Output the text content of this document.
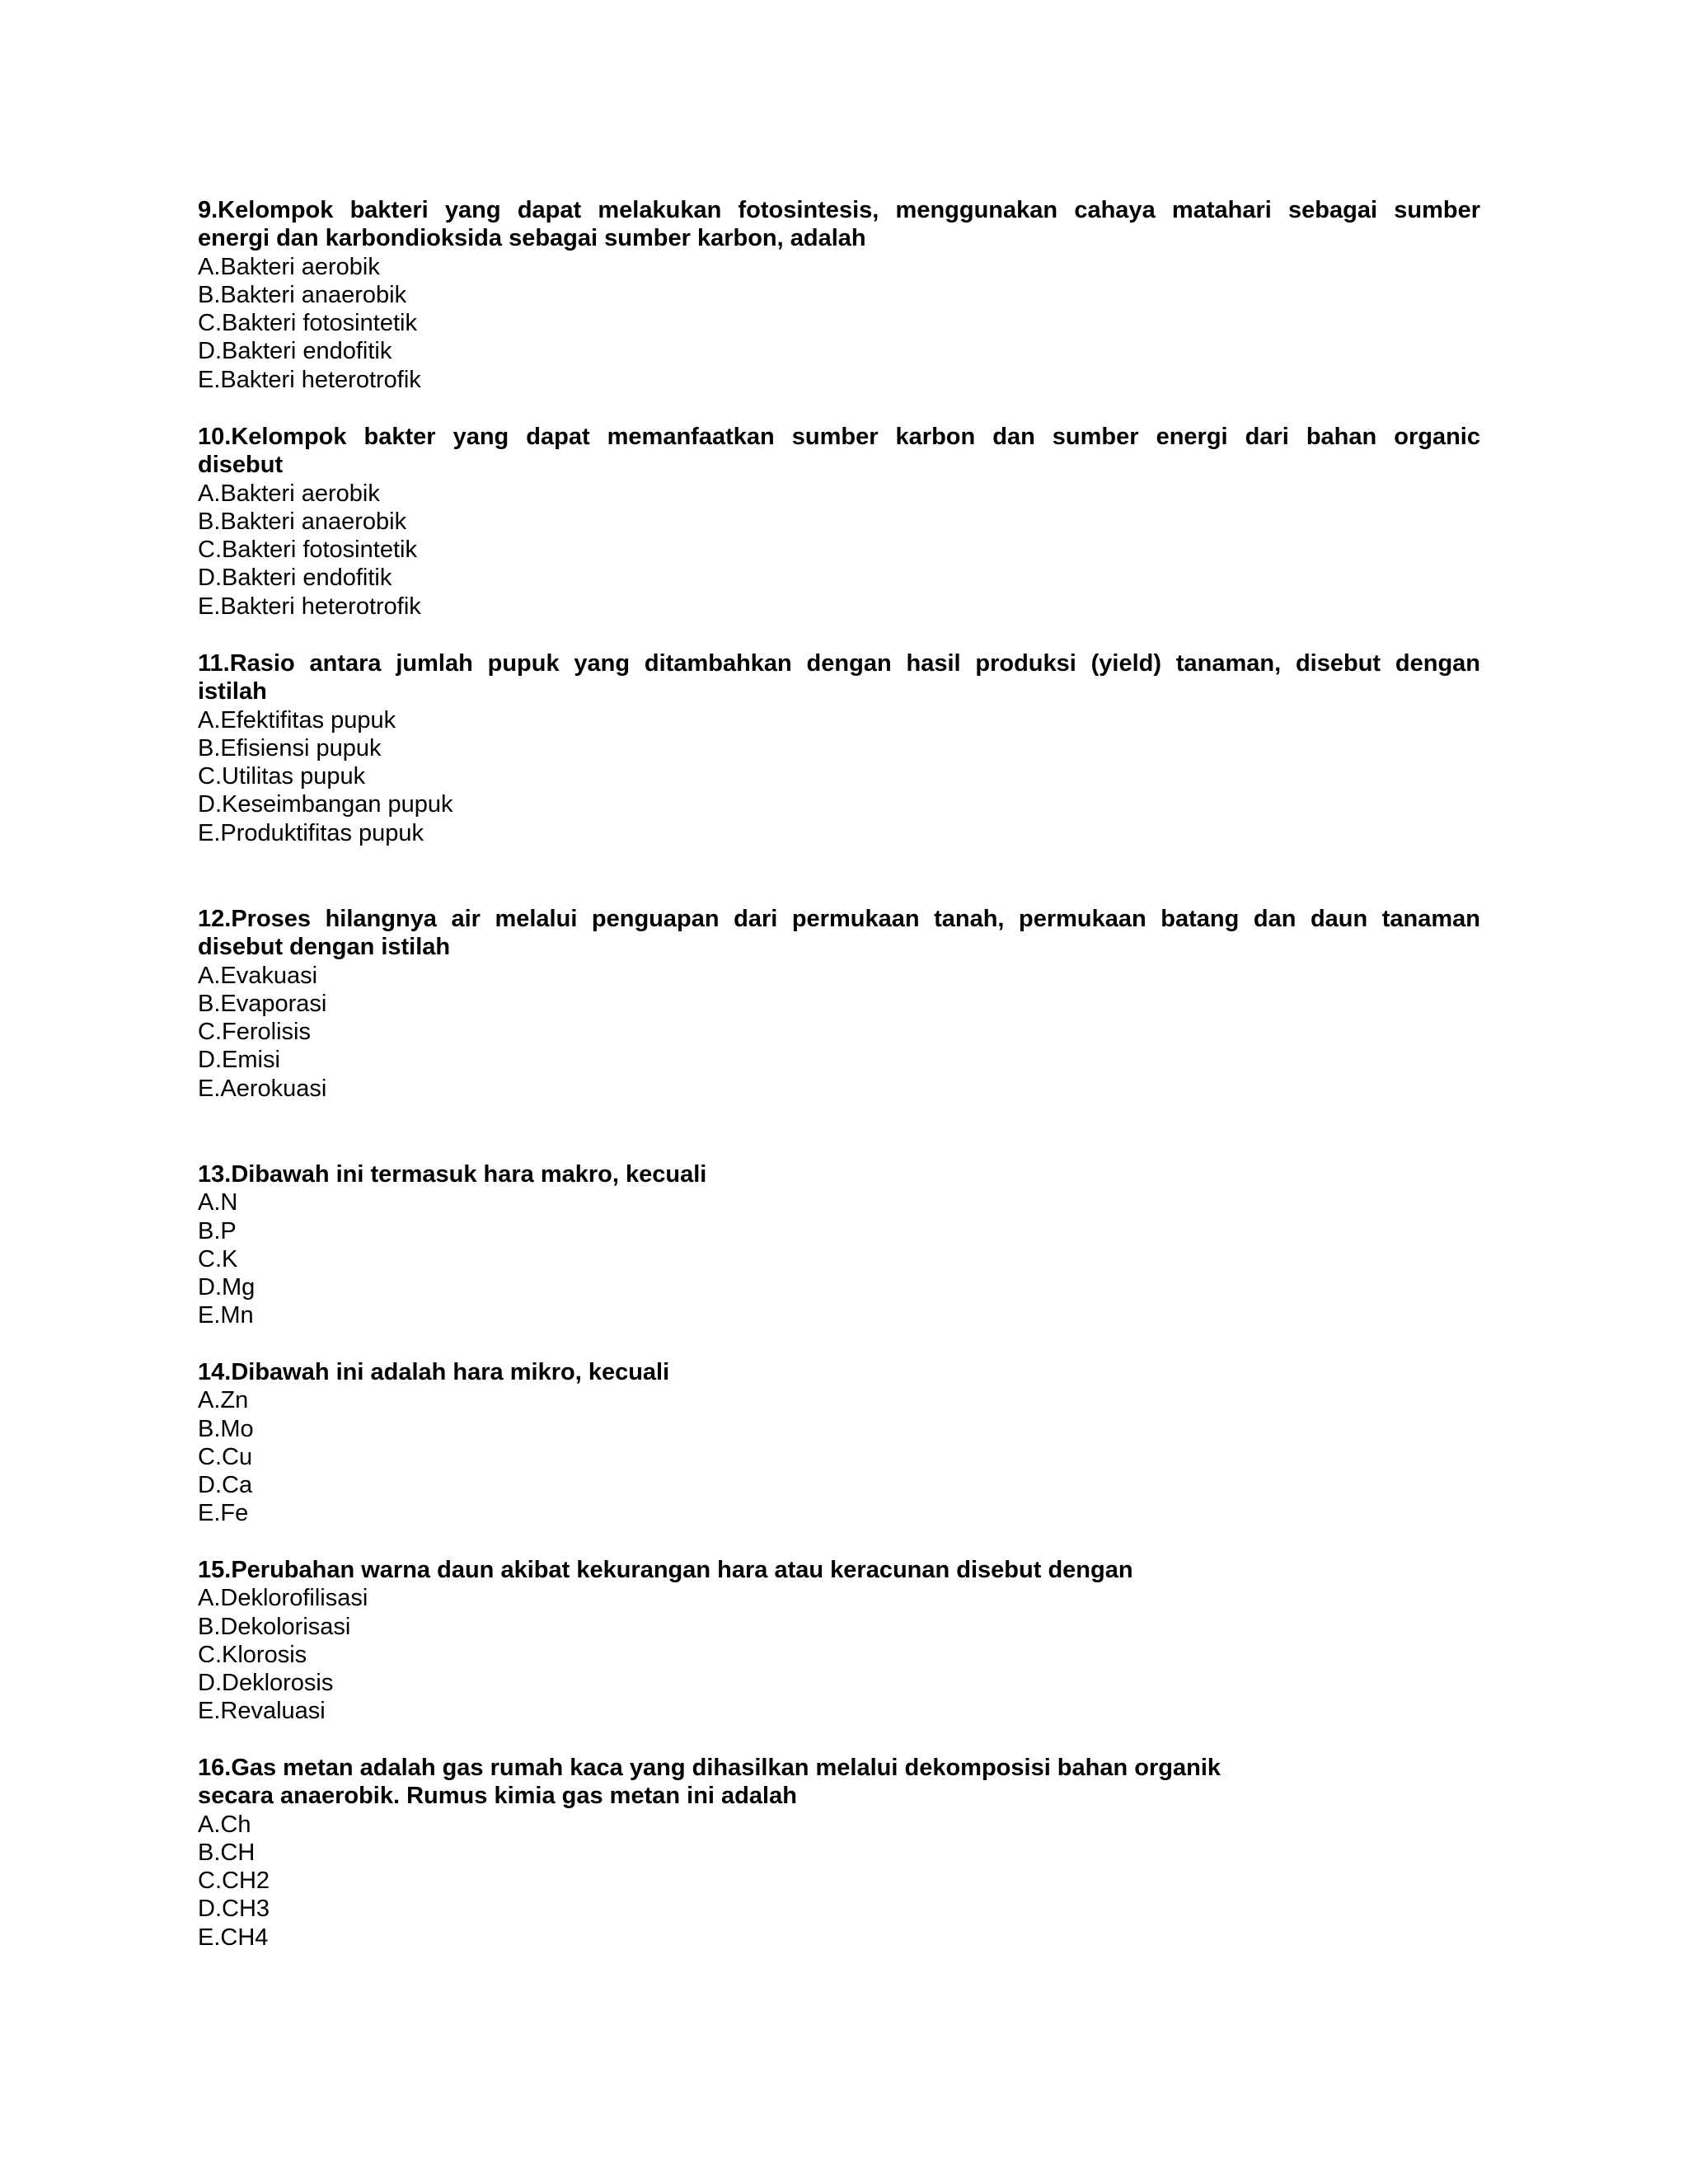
9.Kelompok bakteri yang dapat melakukan fotosintesis, menggunakan cahaya matahari sebagai sumber
energi dan karbondioksida sebagai sumber karbon, adalah

A.Bakteri aerobik
B.Bakteri anaerobik
C.Bakteri fotosintetik
D.Bakteri endofitik
E.Bakteri heterotrofik

10.Kelompok bakter yang dapat memanfaatkan sumber karbon dan sumber energi dari bahan organic
disebut

A.Bakteri aerobik
B.Bakteri anaerobik
C.Bakteri fotosintetik
D.Bakteri endofitik
E.Bakteri heterotrofik

11.Rasio antara jumlah pupuk yang ditambahkan dengan hasil produksi (yield) tanaman, disebut dengan
istilah

A.Efektifitas pupuk
B.Efisiensi pupuk
C.Utilitas pupuk
D.Keseimbangan pupuk
E.Produktifitas pupuk

12.Proses hilangnya air melalui penguapan dari permukaan tanah, permukaan batang dan daun tanaman
disebut dengan istilah

A.Evakuasi
B.Evaporasi
C.Ferolisis
D.Emisi
E.Aerokuasi

13.Dibawah ini termasuk hara makro, kecuali

A.N
B.P
C.K
D.Mg
E.Mn

14.Dibawah ini adalah hara mikro, kecuali

A.Zn
B.Mo
C.Cu
D.Ca
E.Fe

15.Perubahan warna daun akibat kekurangan hara atau keracunan disebut dengan

A.Deklorofilisasi
B.Dekolorisasi
C.Klorosis
D.Deklorosis
E.Revaluasi

16.Gas metan adalah gas rumah kaca yang dihasilkan melalui dekomposisi bahan organik
secara anaerobik. Rumus kimia gas metan ini adalah

A.Ch
B.CH
C.CH2
D.CH3
E.CH4
